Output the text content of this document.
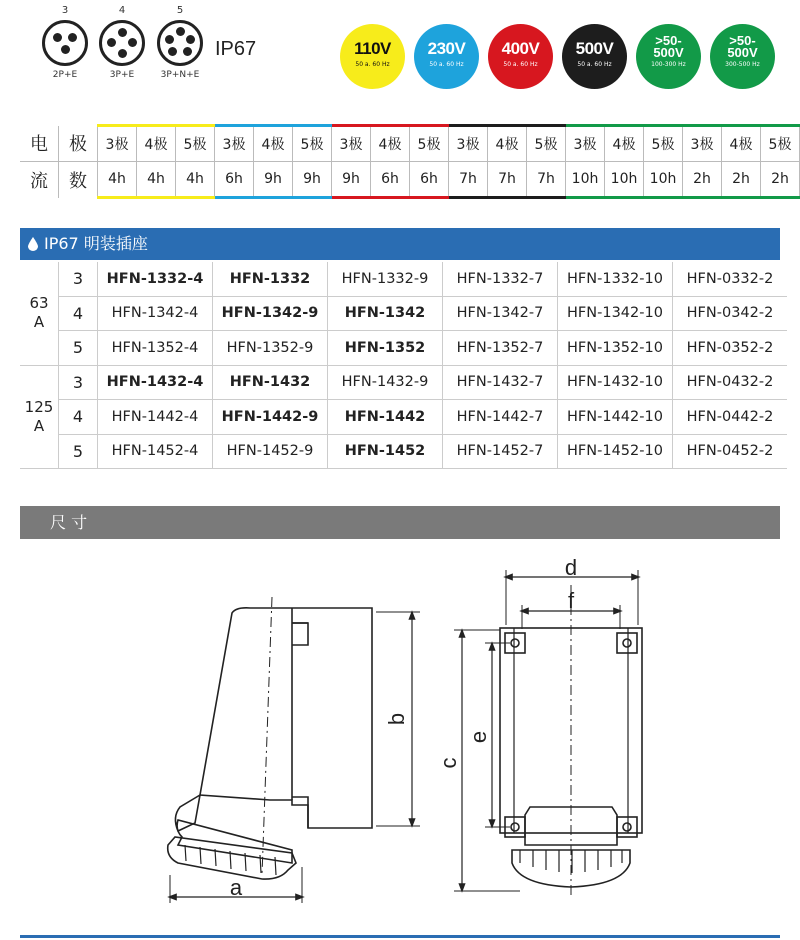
3
2P+E
4
3P+E
5
3P+N+E
IP67	110V
50 a. 60 Hz
230V
50 a. 60 Hz
400V
50 a. 60 Hz
500V
50 a. 60 Hz
>50-
500V
100-300 Hz
>50-
500V
300-500 Hz
电	极	3极	4极	5极	3极	4极	5极	3极	4极	5极	3极	4极	5极	3极	4极	5极	3极	4极	5极
流	数	4h	4h	4h	6h	9h	9h	9h	6h	6h	7h	7h	7h	10h	10h	10h	2h	2h	2h
IP67 明装插座
63
A	3	HFN-1332-4	HFN-1332	HFN-1332-9	HFN-1332-7	HFN-1332-10	HFN-0332-2
	4	HFN-1342-4	HFN-1342-9	HFN-1342	HFN-1342-7	HFN-1342-10	HFN-0342-2
	5	HFN-1352-4	HFN-1352-9	HFN-1352	HFN-1352-7	HFN-1352-10	HFN-0352-2
125
A	3	HFN-1432-4	HFN-1432	HFN-1432-9	HFN-1432-7	HFN-1432-10	HFN-0432-2
	4	HFN-1442-4	HFN-1442-9	HFN-1442	HFN-1442-7	HFN-1442-10	HFN-0442-2
	5	HFN-1452-4	HFN-1452-9	HFN-1452	HFN-1452-7	HFN-1452-10	HFN-0452-2
尺 寸
a
b
d
f
c
e
